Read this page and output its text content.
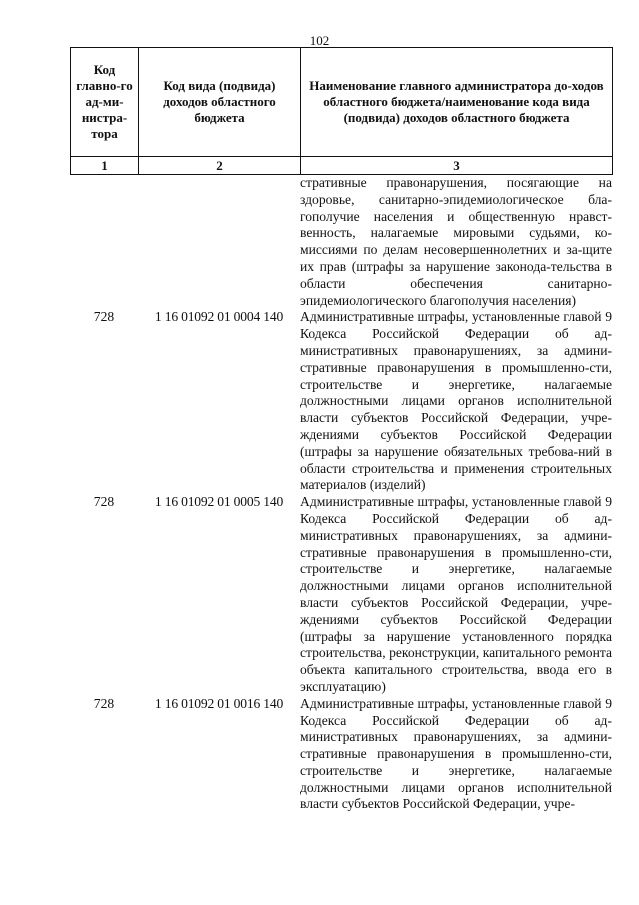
102
Код главно-го ад-ми-нистра-тора	Код вида (подвида) доходов областного бюджета	Наименование главного администратора до-ходов областного бюджета/наименование кода вида (подвида) доходов областного бюджета
1	2	3
стративные правонарушения, посягающие на здоровье, санитарно-эпидемиологическое бла-гополучие населения и общественную нравст-венность, налагаемые мировыми судьями, ко-миссиями по делам несовершеннолетних и за-щите их прав (штрафы за нарушение законода-тельства в области обеспечения санитарно-эпидемиологического благополучия населения)
728	1 16 01092 01 0004 140	Административные штрафы, установленные главой 9 Кодекса Российской Федерации об ад-министративных правонарушениях, за админи-стративные правонарушения в промышленно-сти, строительстве и энергетике, налагаемые должностными лицами органов исполнительной власти субъектов Российской Федерации, учре-ждениями субъектов Российской Федерации (штрафы за нарушение обязательных требова-ний в области строительства и применения строительных материалов (изделий)
728	1 16 01092 01 0005 140	Административные штрафы, установленные главой 9 Кодекса Российской Федерации об ад-министративных правонарушениях, за админи-стративные правонарушения в промышленно-сти, строительстве и энергетике, налагаемые должностными лицами органов исполнительной власти субъектов Российской Федерации, учре-ждениями субъектов Российской Федерации (штрафы за нарушение установленного порядка строительства, реконструкции, капитального ремонта объекта капитального строительства, ввода его в эксплуатацию)
728	1 16 01092 01 0016 140	Административные штрафы, установленные главой 9 Кодекса Российской Федерации об ад-министративных правонарушениях, за админи-стративные правонарушения в промышленно-сти, строительстве и энергетике, налагаемые должностными лицами органов исполнительной власти субъектов Российской Федерации, учре-
